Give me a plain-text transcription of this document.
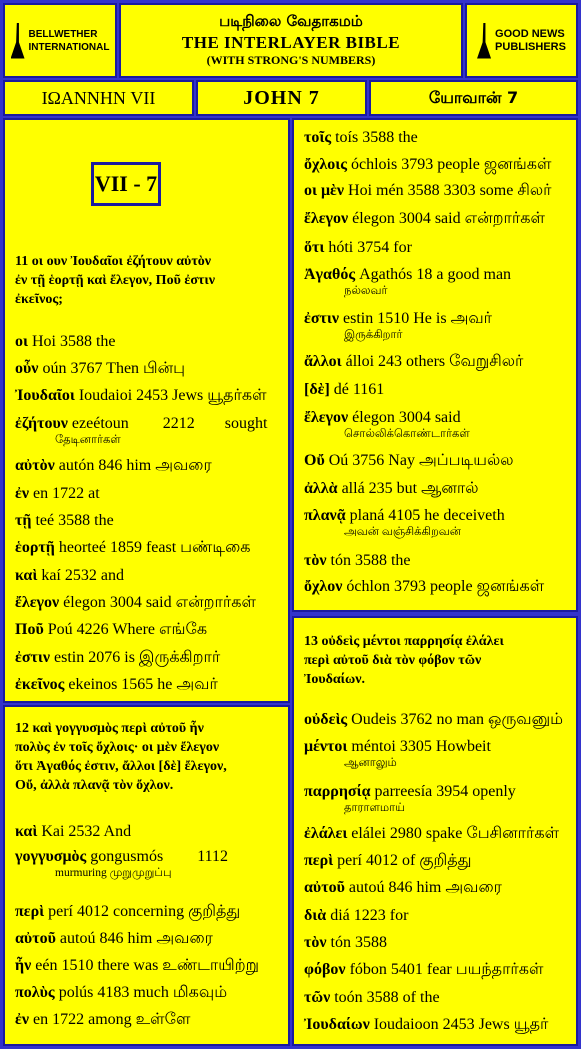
BELLWETHER
INTERNATIONAL
படிநிலை வேதாகமம்
THE INTERLAYER BIBLE
(WITH STRONG'S NUMBERS)
GOOD NEWS
PUBLISHERS
ΙΩΑΝΝΗΝ VII	JOHN 7	யோவான் 7
VII - 7
11 οι ουν Ἰουδαῖοι ἐζήτουν αὐτὸν
ἐν τῇ ἑορτῇ καὶ ἔλεγον, Ποῦ ἐστιν
ἐκεῖνος;
οι Hoi 3588 the
οὖν oún 3767 Then பின்பு
Ἰουδαῖοι Ioudaioi 2453 Jews யூதர்கள்
ἐζήτουν ezeétoun 2212 sought
தேடினார்கள்
αὐτὸν autón 846 him அவரை
ἐν en 1722 at
τῇ teé 3588 the
ἑορτῇ heorteé 1859 feast பண்டிகை
καὶ kaí 2532 and
ἔλεγον élegon 3004 said என்றார்கள்
Ποῦ Poú 4226 Where எங்கே
ἐστιν estin 2076 is இருக்கிறார்
ἐκεῖνος ekeinos 1565 he அவர்
12 καὶ γογγυσμὸς περὶ αὐτοῦ ἦν
πολὺς ἐν τοῖς ὄχλοις· οι μὲν ἔλεγον
ὅτι Ἀγαθός ἐστιν, ἄλλοι [δὲ] ἔλεγον,
Οὔ, ἀλλὰ πλανᾷ τὸν ὄχλον.
καὶ Kai 2532 And
γογγυσμὸς gongusmós 1112
murmuring முறுமுறுப்பு
περὶ perí 4012 concerning குறித்து
αὐτοῦ autoú 846 him அவரை
ἦν eén 1510 there was உண்டாயிற்று
πολὺς polús 4183 much மிகவும்
ἐν en 1722 among உள்ளே
τοῖς toís 3588 the
ὄχλοις óchlois 3793 people ஜனங்கள்
οι μὲν Hoi mén 3588 3303 some சிலர்
ἔλεγον élegon 3004 said என்றார்கள்
ὅτι hóti 3754 for
Ἀγαθός Agathós 18 a good man
நல்லவர்
ἐστιν estin 1510 He is அவர்
இருக்கிறார்
ἄλλοι álloi 243 others வேறுசிலர்
[δὲ] dé 1161
ἔλεγον élegon 3004 said
சொல்லிக்கொண்டார்கள்
Οὔ Oú 3756 Nay அப்படியல்ல
ἀλλὰ allá 235 but ஆனால்
πλανᾷ planá 4105 he deceiveth
அவன் வஞ்சிக்கிறவன்
τὸν tón 3588 the
ὄχλον óchlon 3793 people ஜனங்கள்
13 οὐδεὶς μέντοι παρρησίᾳ ἐλάλει
περὶ αὐτοῦ διὰ τὸν φόβον τῶν
Ἰουδαίων.
οὐδεὶς Oudeis 3762 no man ஒருவனும்
μέντοι méntoi 3305 Howbeit
ஆனாலும்
παρρησίᾳ parreesía 3954 openly
தாராளமாய்
ἐλάλει elálei 2980 spake பேசினார்கள்
περὶ perí 4012 of குறித்து
αὐτοῦ autoú 846 him அவரை
διὰ diá 1223 for
τὸν tón 3588
φόβον fóbon 5401 fear பயந்தார்கள்
τῶν toón 3588 of the
Ἰουδαίων Ioudaioon 2453 Jews யூதர்
